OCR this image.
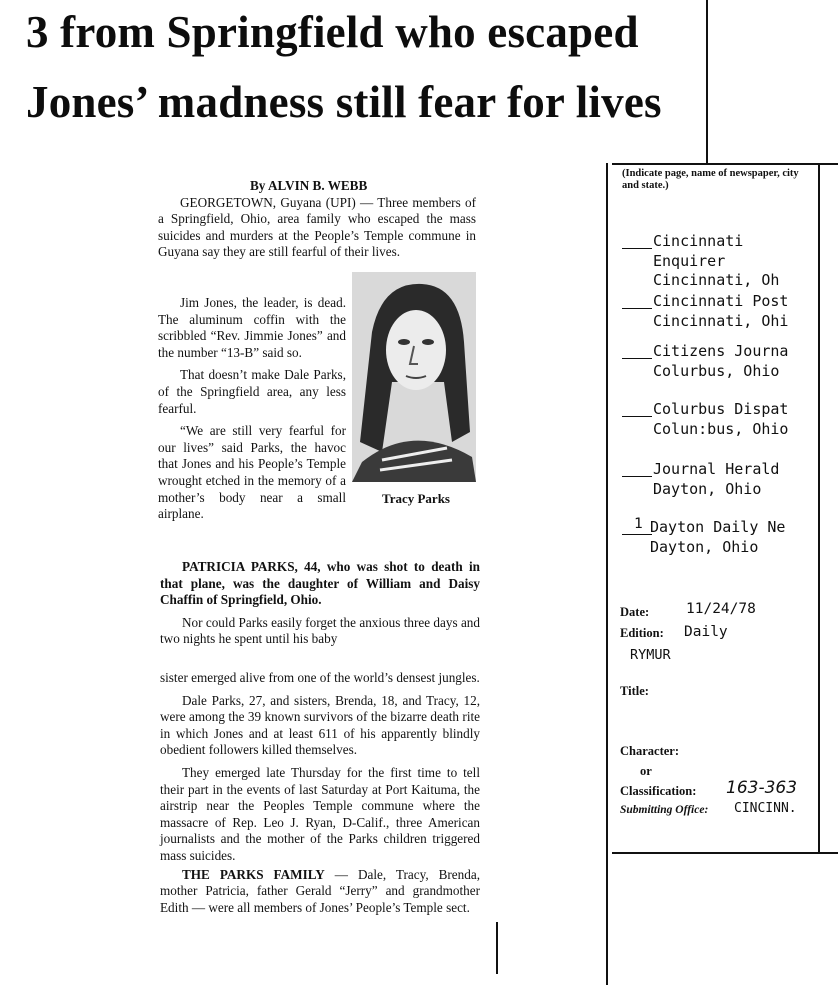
3 from Springfield who escaped
Jones’ madness still fear for lives
By ALVIN B. WEBB

GEORGETOWN, Guyana (UPI) — Three members of a Springfield, Ohio, area family who escaped the mass suicides and murders at the People’s Temple commune in Guyana say they are still fearful of their lives.

Jim Jones, the leader, is dead. The aluminum coffin with the scribbled “Rev. Jimmie Jones” and the number “13-B” said so.

That doesn’t make Dale Parks, of the Springfield area, any less fearful.

“We are still very fearful for our lives” said Parks, the havoc that Jones and his People’s Temple wrought etched in the memory of a mother’s body near a small airplane.

Tracy Parks

PATRICIA PARKS, 44, who was shot to death in that plane, was the daughter of William and Daisy Chaffin of Springfield, Ohio.

Nor could Parks easily forget the anxious three days and two nights he spent until his baby

sister emerged alive from one of the world’s densest jungles.

Dale Parks, 27, and sisters, Brenda, 18, and Tracy, 12, were among the 39 known survivors of the bizarre death rite in which Jones and at least 611 of his apparently blindly obedient followers killed themselves.

They emerged late Thursday for the first time to tell their part in the events of last Saturday at Port Kaituma, the airstrip near the Peoples Temple commune where the massacre of Rep. Leo J. Ryan, D-Calif., three American journalists and the mother of the Parks children triggered mass suicides.

THE PARKS FAMILY — Dale, Tracy, Brenda, mother Patricia, father Gerald “Jerry” and grandmother Edith — were all members of Jones’ People’s Temple sect.

(Indicate page, name of newspaper, city and state.)
Cincinnati
Enquirer
Cincinnati, Oh
Cincinnati Post
Cincinnati, Ohi
Citizens Journa
Colurbus, Ohio
Colurbus Dispat
Colun:bus, Ohio
Journal Herald
Dayton, Ohio
1 Dayton Daily Ne
Dayton, Ohio
Date:	11/24/78
Edition: Daily
RYMUR
Title:
Character:
or
Classification: 163-363
Submitting Office: CINCINN.
